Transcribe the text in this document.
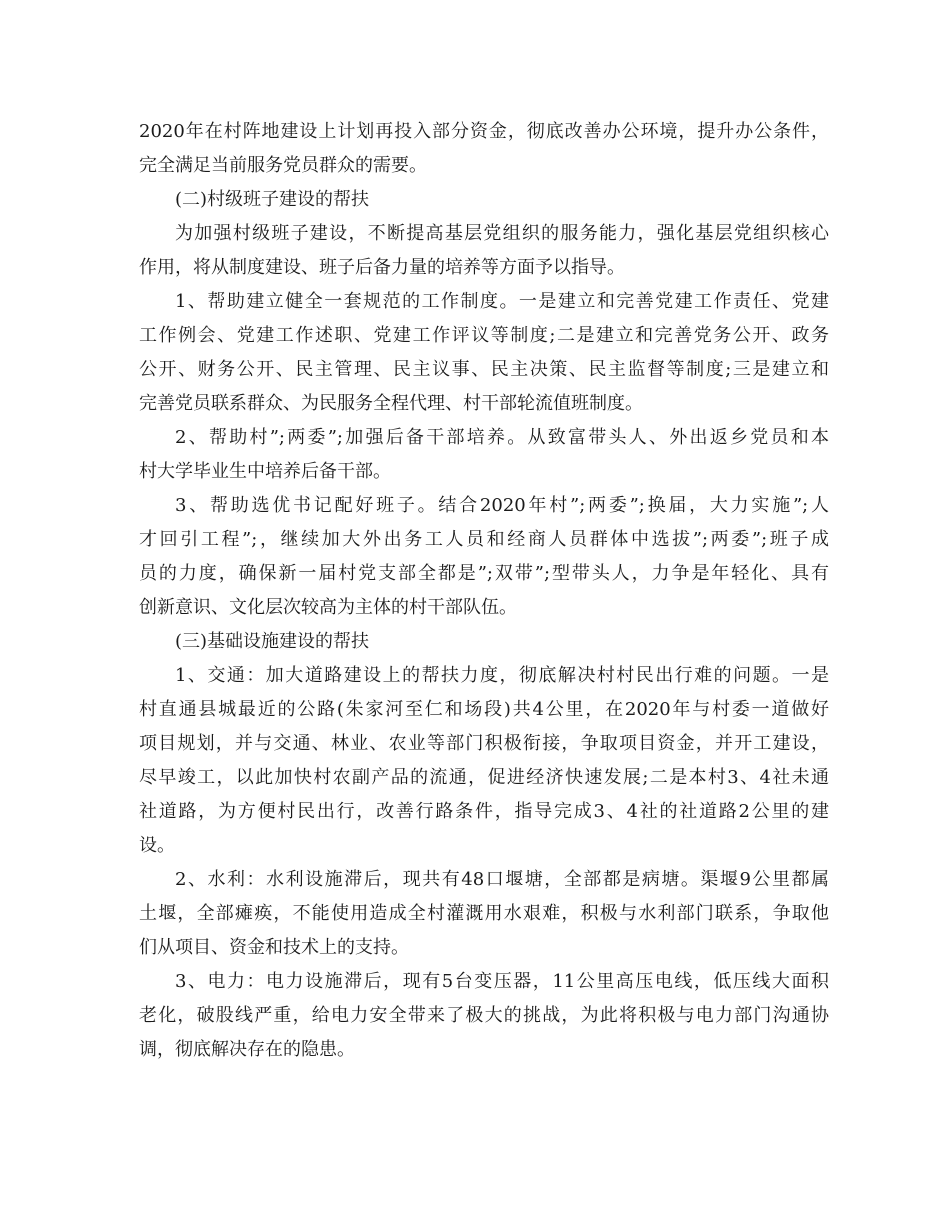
2020年在村阵地建设上计划再投入部分资金，彻底改善办公环境，提升办公条件，
完全满足当前服务党员群众的需要。
(二)村级班子建设的帮扶
为加强村级班子建设，不断提高基层党组织的服务能力，强化基层党组织核心
作用，将从制度建设、班子后备力量的培养等方面予以指导。
1、帮助建立健全一套规范的工作制度。一是建立和完善党建工作责任、党建
工作例会、党建工作述职、党建工作评议等制度;二是建立和完善党务公开、政务
公开、财务公开、民主管理、民主议事、民主决策、民主监督等制度;三是建立和
完善党员联系群众、为民服务全程代理、村干部轮流值班制度。
2、帮助村”;两委”;加强后备干部培养。从致富带头人、外出返乡党员和本
村大学毕业生中培养后备干部。
3、帮助选优书记配好班子。结合2020年村”;两委”;换届，大力实施”;人
才回引工程”;，继续加大外出务工人员和经商人员群体中选拔”;两委”;班子成
员的力度，确保新一届村党支部全都是”;双带”;型带头人，力争是年轻化、具有
创新意识、文化层次较高为主体的村干部队伍。
(三)基础设施建设的帮扶
1、交通：加大道路建设上的帮扶力度，彻底解决村村民出行难的问题。一是
村直通县城最近的公路(朱家河至仁和场段)共4公里，在2020年与村委一道做好
项目规划，并与交通、林业、农业等部门积极衔接，争取项目资金，并开工建设，
尽早竣工，以此加快村农副产品的流通，促进经济快速发展;二是本村3、4社未通
社道路，为方便村民出行，改善行路条件，指导完成3、4社的社道路2公里的建
设。
2、水利：水利设施滞后，现共有48口堰塘，全部都是病塘。渠堰9公里都属
土堰，全部瘫痪，不能使用造成全村灌溉用水艰难，积极与水利部门联系，争取他
们从项目、资金和技术上的支持。
3、电力：电力设施滞后，现有5台变压器，11公里高压电线，低压线大面积
老化，破股线严重，给电力安全带来了极大的挑战，为此将积极与电力部门沟通协
调，彻底解决存在的隐患。
